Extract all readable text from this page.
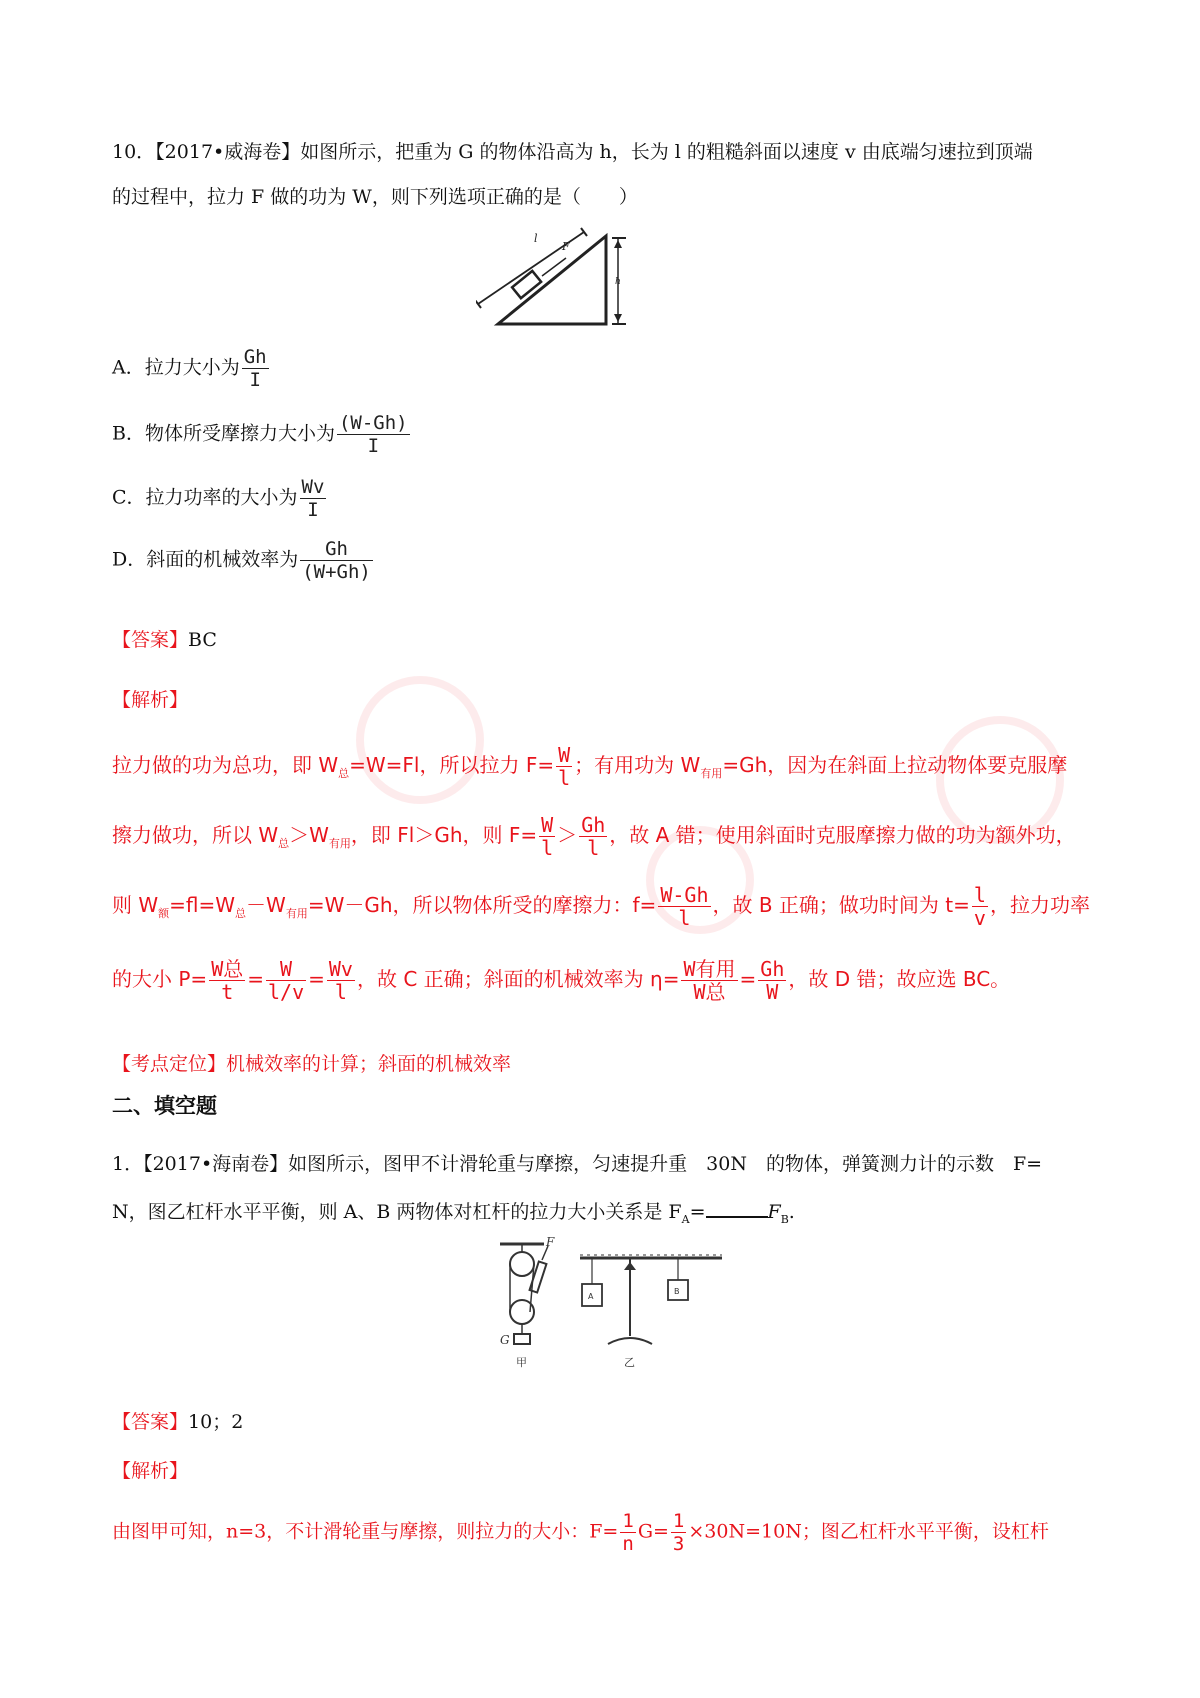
10．【2017•威海卷】如图所示，把重为 G 的物体沿高为 h，长为 l 的粗糙斜面以速度 v 由底端匀速拉到顶端
的过程中，拉力 F 做的功为 W，则下列选项正确的是（　　）
l
F
h
A．拉力大小为 $\frac{Gh}{I}$
B．物体所受摩擦力大小为 $\frac{(W-Gh)}{I}$
C．拉力功率的大小为 $\frac{Wv}{I}$
D．斜面的机械效率为 $\frac{Gh}{(W+Gh)}$
【答案】BC
【解析】
拉力做的功为总功，即 $W_总=W=Fl$，所以拉力 $F= \frac{W}{l}$ ；有用功为 $W_{有用}=Gh$，因为在斜面上拉动物体要克服摩
擦力做功，所以 $W_总>W_{有用}$，即 Fl＞Gh，则 $F= \frac{W}{l} > \frac{Gh}{l}$ ，故 A 错；使用斜面时克服摩擦力做的功为额外功，
则 $W_额=fl=W_总-W_{有用}=W-Gh$，所以物体所受的摩擦力：$f= \frac{W-Gh}{l}$ ，故 B 正确；做功时间为 $t= \frac{l}{v}$ ，拉力功率
的大小 $P= \frac{\text{W总}}{t} = \frac{W}{l/v} = \frac{Wv}{l}$ ，故 C 正确；斜面的机械效率为 $\eta= \frac{\text{W有用}}{\text{W总}} = \frac{Gh}{W}$ ，故 D 错；故应选 BC。
【考点定位】机械效率的计算；斜面的机械效率
二、填空题
1．【2017•海南卷】如图所示，图甲不计滑轮重与摩擦，匀速提升重　30N　的物体，弹簧测力计的示数　F=
N，图乙杠杆水平平衡，则 A、B 两物体对杠杆的拉力大小关系是 $F_A=$	$F_B$.
F
G
甲
A
B
乙
【答案】10；2
【解析】
由图甲可知，n=3，不计滑轮重与摩擦，则拉力的大小：$F= \frac{1}{n} G= \frac{1}{3} \times 30N=10N$；图乙杠杆水平平衡，设杠杆
